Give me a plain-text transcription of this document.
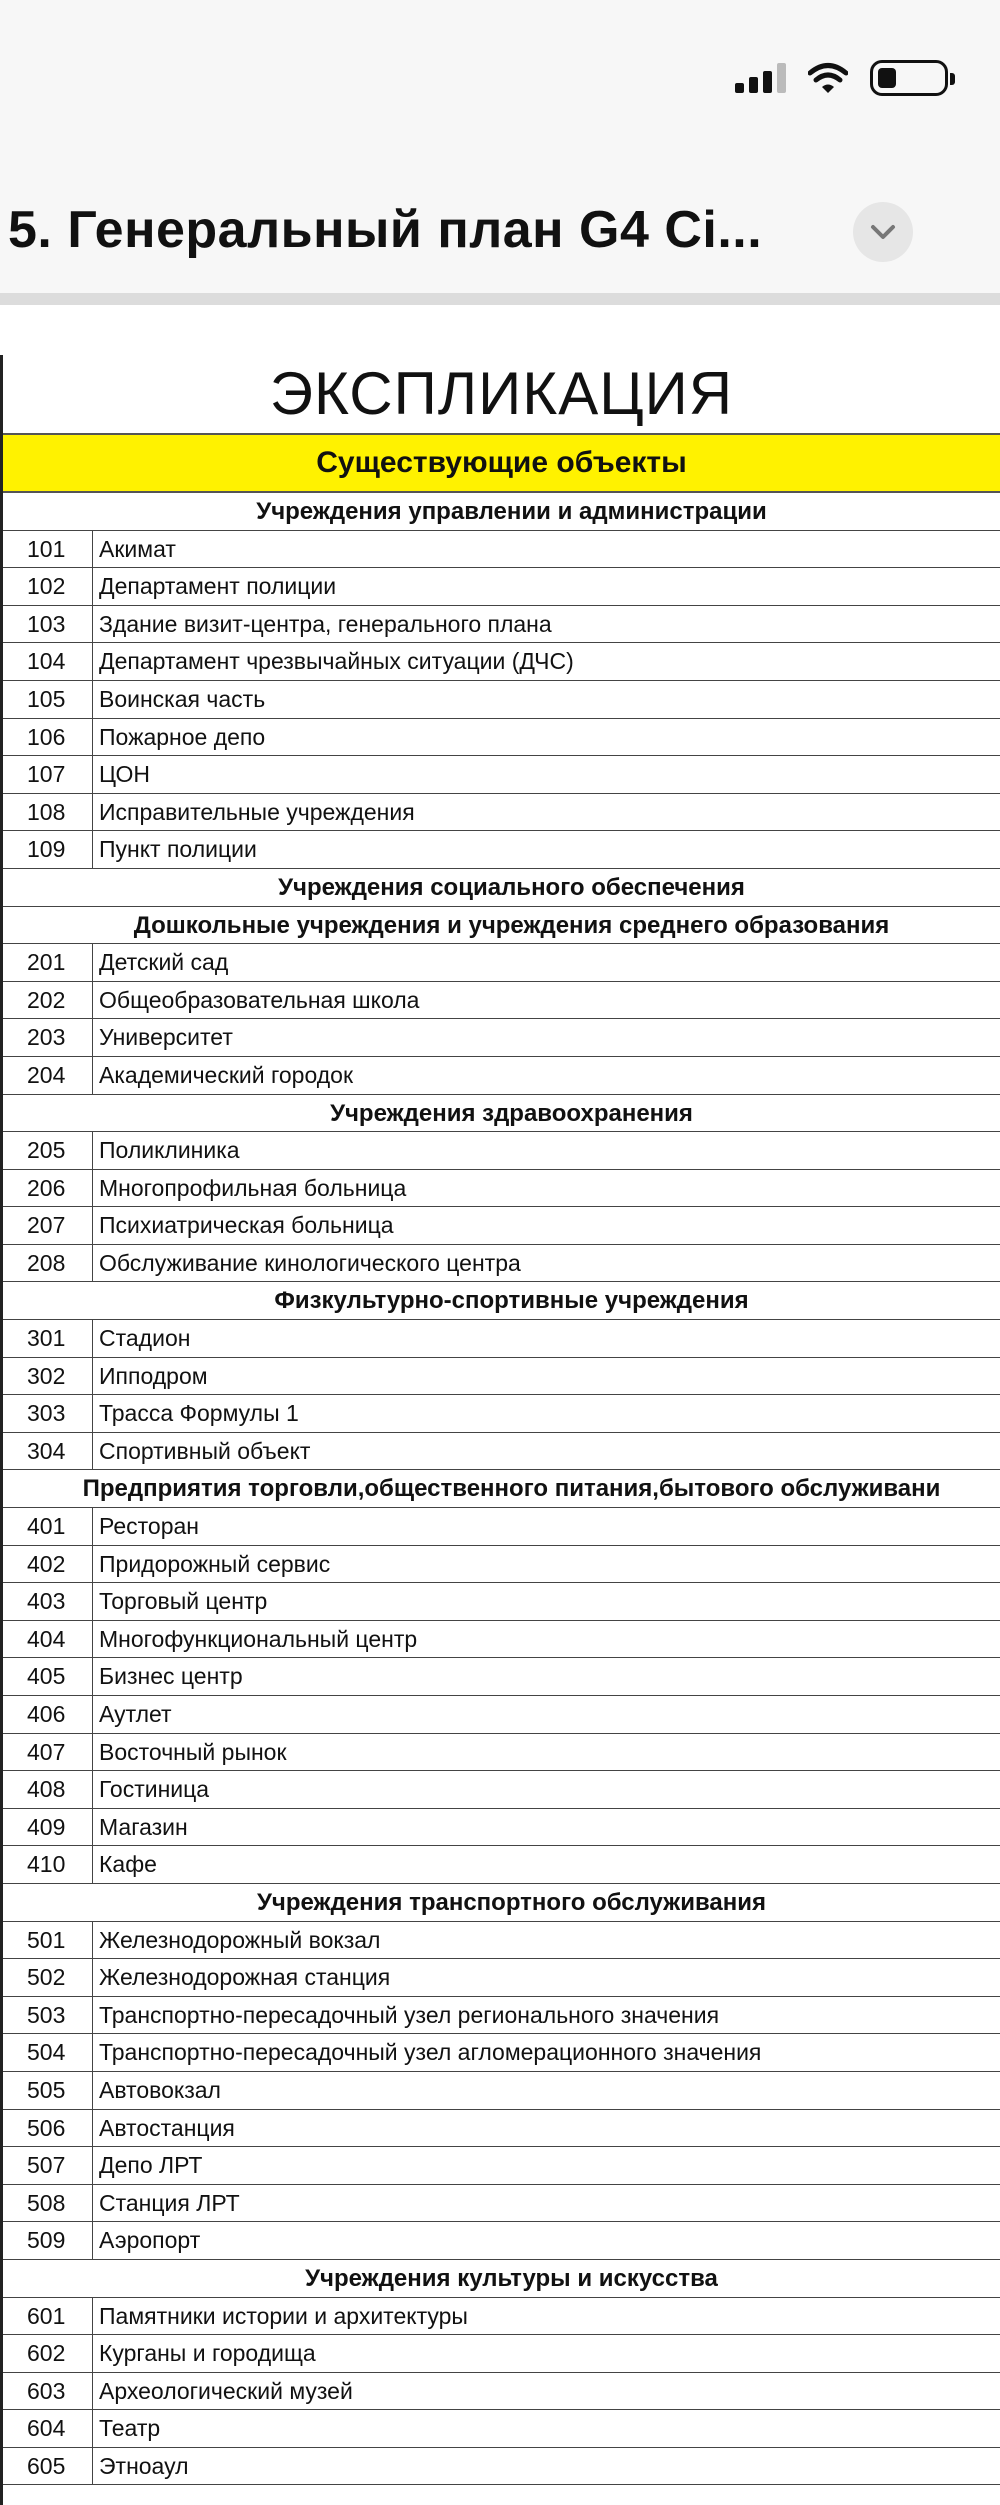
5. Генеральный план G4 Ci...
ЭКСПЛИКАЦИЯ
Существующие объекты
Учреждения управлении и администрации
101	Акимат
102	Департамент полиции
103	Здание визит-центра, генерального плана
104	Департамент чрезвычайных ситуации (ДЧС)
105	Воинская часть
106	Пожарное депо
107	ЦОН
108	Исправительные учреждения
109	Пункт полиции
Учреждения социального обеспечения
Дошкольные учреждения и учреждения среднего образования
201	Детский сад
202	Общеобразовательная школа
203	Университет
204	Академический городок
Учреждения здравоохранения
205	Поликлиника
206	Многопрофильная больница
207	Психиатрическая больница
208	Обслуживание кинологического центра
Физкультурно-спортивные учреждения
301	Стадион
302	Ипподром
303	Трасса Формулы 1
304	Спортивный объект
Предприятия торговли,общественного питания,бытового обслуживани
401	Ресторан
402	Придорожный сервис
403	Торговый центр
404	Многофункциональный центр
405	Бизнес центр
406	Аутлет
407	Восточный рынок
408	Гостиница
409	Магазин
410	Кафе
Учреждения транспортного обслуживания
501	Железнодорожный вокзал
502	Железнодорожная станция
503	Транспортно-пересадочный узел регионального значения
504	Транспортно-пересадочный узел агломерационного значения
505	Автовокзал
506	Автостанция
507	Депо ЛРТ
508	Станция ЛРТ
509	Аэропорт
Учреждения культуры и искусства
601	Памятники истории и архитектуры
602	Курганы и городища
603	Археологический музей
604	Театр
605	Этноаул
